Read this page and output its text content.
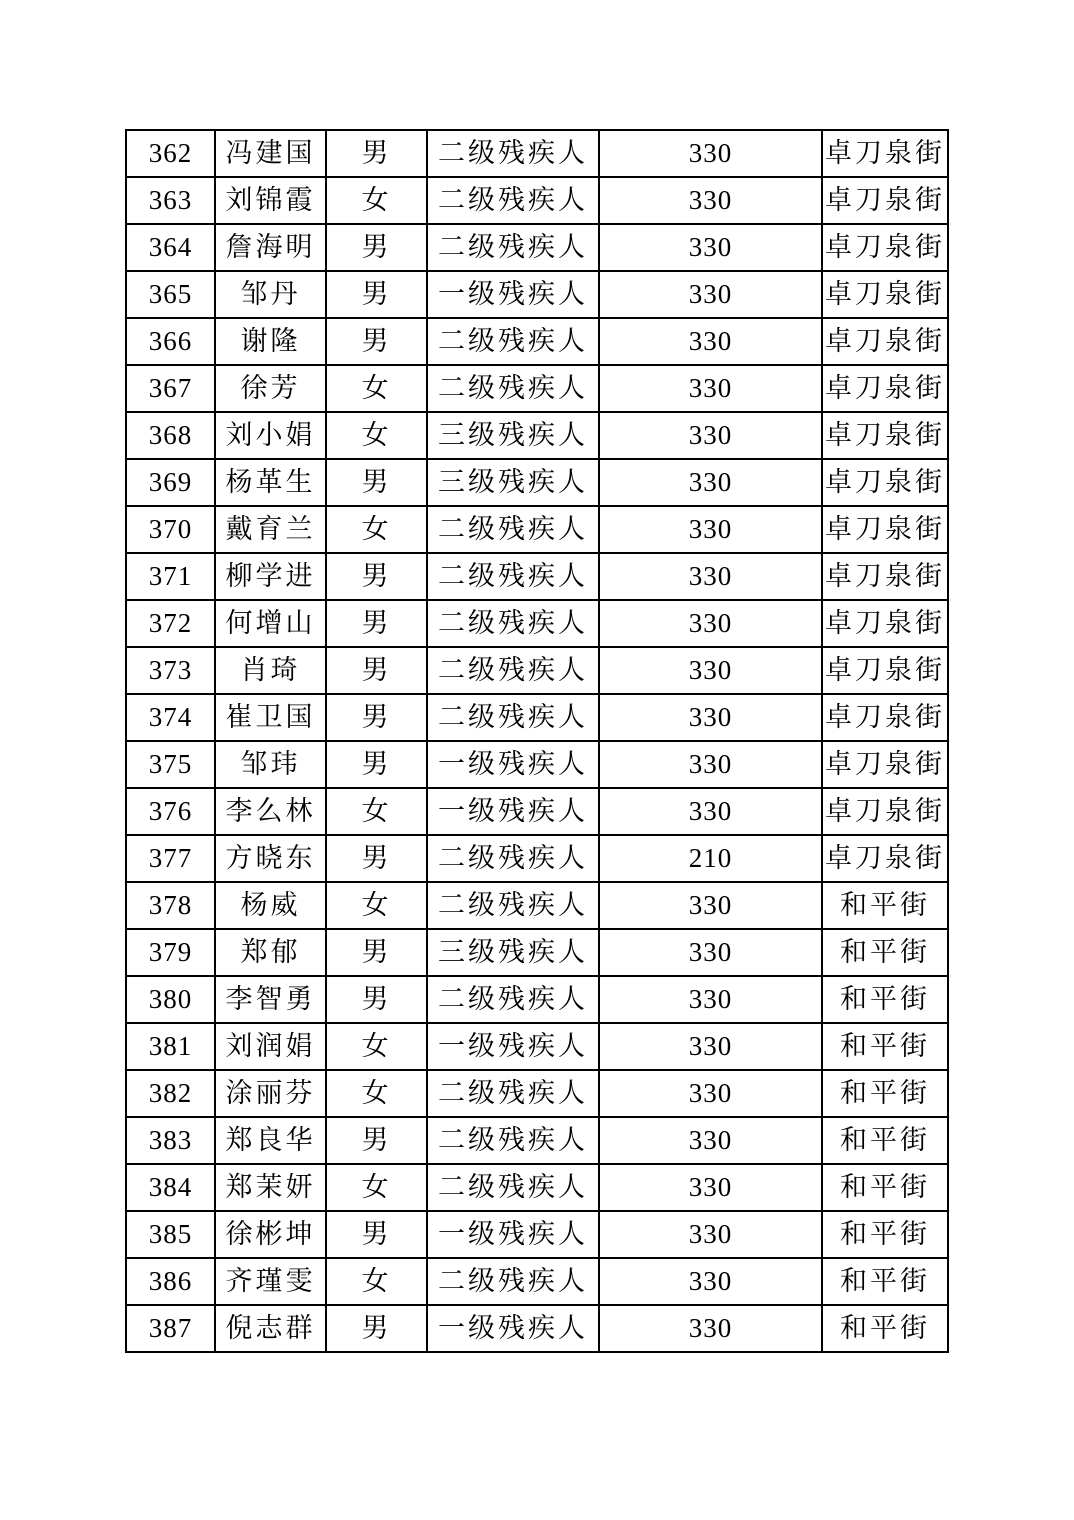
362	冯建国	男	二级残疾人	330	卓刀泉街
363	刘锦霞	女	二级残疾人	330	卓刀泉街
364	詹海明	男	二级残疾人	330	卓刀泉街
365	邹丹	男	一级残疾人	330	卓刀泉街
366	谢隆	男	二级残疾人	330	卓刀泉街
367	徐芳	女	二级残疾人	330	卓刀泉街
368	刘小娟	女	三级残疾人	330	卓刀泉街
369	杨革生	男	三级残疾人	330	卓刀泉街
370	戴育兰	女	二级残疾人	330	卓刀泉街
371	柳学进	男	二级残疾人	330	卓刀泉街
372	何增山	男	二级残疾人	330	卓刀泉街
373	肖琦	男	二级残疾人	330	卓刀泉街
374	崔卫国	男	二级残疾人	330	卓刀泉街
375	邹玮	男	一级残疾人	330	卓刀泉街
376	李么林	女	一级残疾人	330	卓刀泉街
377	方晓东	男	二级残疾人	210	卓刀泉街
378	杨威	女	二级残疾人	330	和平街
379	郑郁	男	三级残疾人	330	和平街
380	李智勇	男	二级残疾人	330	和平街
381	刘润娟	女	一级残疾人	330	和平街
382	涂丽芬	女	二级残疾人	330	和平街
383	郑良华	男	二级残疾人	330	和平街
384	郑茉妍	女	二级残疾人	330	和平街
385	徐彬坤	男	一级残疾人	330	和平街
386	齐瑾雯	女	二级残疾人	330	和平街
387	倪志群	男	一级残疾人	330	和平街
